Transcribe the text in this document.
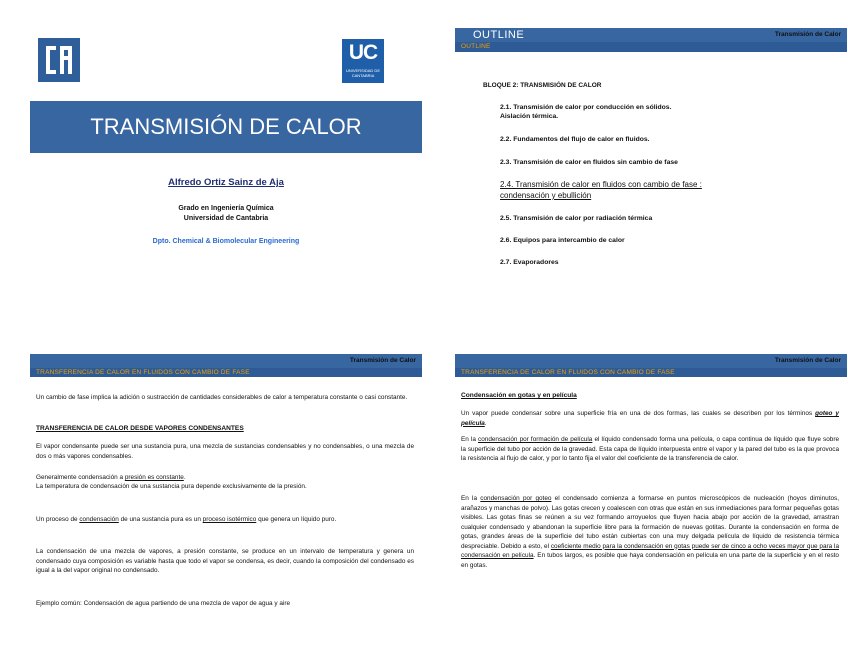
UC
UNIVERSIDAD DE CANTABRIA
TRANSMISIÓN DE CALOR
Alfredo Ortiz Sainz de Aja
Grado en Ingeniería Química
Universidad de Cantabria
Dpto. Chemical & Biomolecular Engineering
OUTLINE	Transmisión de Calor
OUTLINE
BLOQUE 2: TRANSMISIÓN DE CALOR
2.1. Transmisión de calor por conducción en sólidos.
Aislación térmica.
2.2. Fundamentos del flujo de calor en fluidos.
2.3. Transmisión de calor en fluidos sin cambio de fase
2.4. Transmisión de calor en fluidos con cambio de fase :
condensación y ebullición
2.5. Transmisión de calor por radiación térmica
2.6. Equipos para intercambio de calor
2.7. Evaporadores
Transmisión de Calor
TRANSFERENCIA DE CALOR EN FLUIDOS CON CAMBIO DE FASE
Un cambio de fase implica la adición o sustracción de cantidades considerables de calor a temperatura constante o casi constante.
TRANSFERENCIA DE CALOR DESDE VAPORES CONDENSANTES
El vapor condensante puede ser una sustancia pura, una mezcla de sustancias condensables y no condensables, o una mezcla de dos o más vapores condensables.
Generalmente condensación a presión es constante.
La temperatura de condensación de una sustancia pura depende exclusivamente de la presión.
Un proceso de condensación de una sustancia pura es un proceso isotérmico que genera un líquido puro.
La condensación de una mezcla de vapores, a presión constante, se produce en un intervalo de temperatura y genera un condensado cuya composición es variable hasta que todo el vapor se condensa, es decir, cuando la composición del condensado es igual a la del vapor original no condensado.
Ejemplo común: Condensación de agua partiendo de una mezcla de vapor de agua y aire
Transmisión de Calor
TRANSFERENCIA DE CALOR EN FLUIDOS CON CAMBIO DE FASE
Condensación en gotas y en película
Un vapor puede condensar sobre una superficie fría en una de dos formas, las cuales se describen por los términos goteo y película.
En la condensación por formación de película el líquido condensado forma una película, o capa continua de líquido que fluye sobre la superficie del tubo por acción de la gravedad. Esta capa de líquido interpuesta entre el vapor y la pared del tubo es la que provoca la resistencia al flujo de calor, y por lo tanto fija el valor del coeficiente de la transferencia de calor.
En la condensación por goteo el condensado comienza a formarse en puntos microscópicos de nucleación (hoyos diminutos, arañazos y manchas de polvo). Las gotas crecen y coalescen con otras que están en sus inmediaciones para formar pequeñas gotas visibles. Las gotas finas se reúnen a su vez formando arroyuelos que fluyen hacia abajo por acción de la gravedad, arrastran cualquier condensado y abandonan la superficie libre para la formación de nuevas gotitas. Durante la condensación en forma de gotas, grandes áreas de la superficie del tubo están cubiertas con una muy delgada película de líquido de resistencia térmica despreciable. Debido a esto, el coeficiente medio para la condensación en gotas puede ser de cinco a ocho veces mayor que para la condensación en película. En tubos largos, es posible que haya condensación en película en una parte de la superficie y en el resto en gotas.
